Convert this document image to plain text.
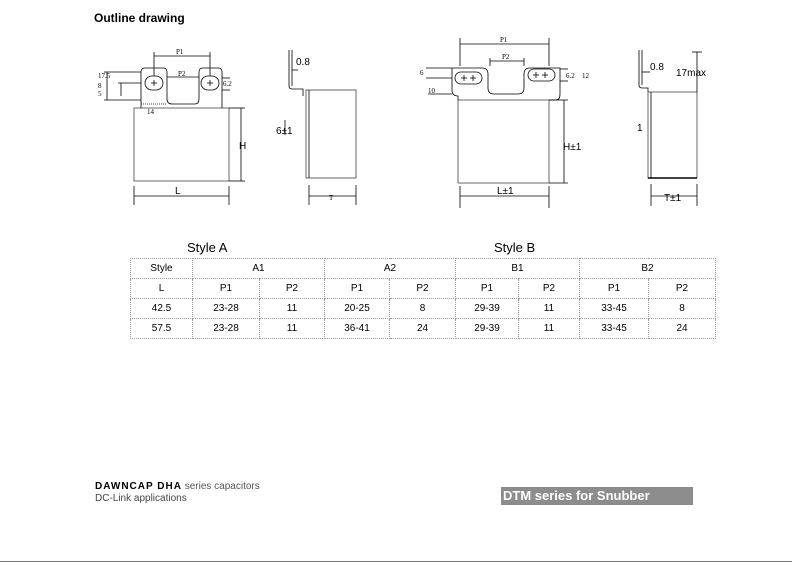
Outline drawing
P1
P2
14
6.2
17.5
8
5
H
L
0.8
6±1
T
P1
P2
6
10
6.2 12
H±1
L±1
0.8
17max
1
T±1
Style A	Style B
Style	A1		A2		B1		B2	
L	P1	P2	P1	P2	P1	P2	P1	P2
42.5	23-28	11	20-25	8	29-39	11	33-45	8
57.5	23-28	11	36-41	24	29-39	11	33-45	24
DAWNCAP DHA series capacitors
DC-Link applications	DTM series for Snubber
